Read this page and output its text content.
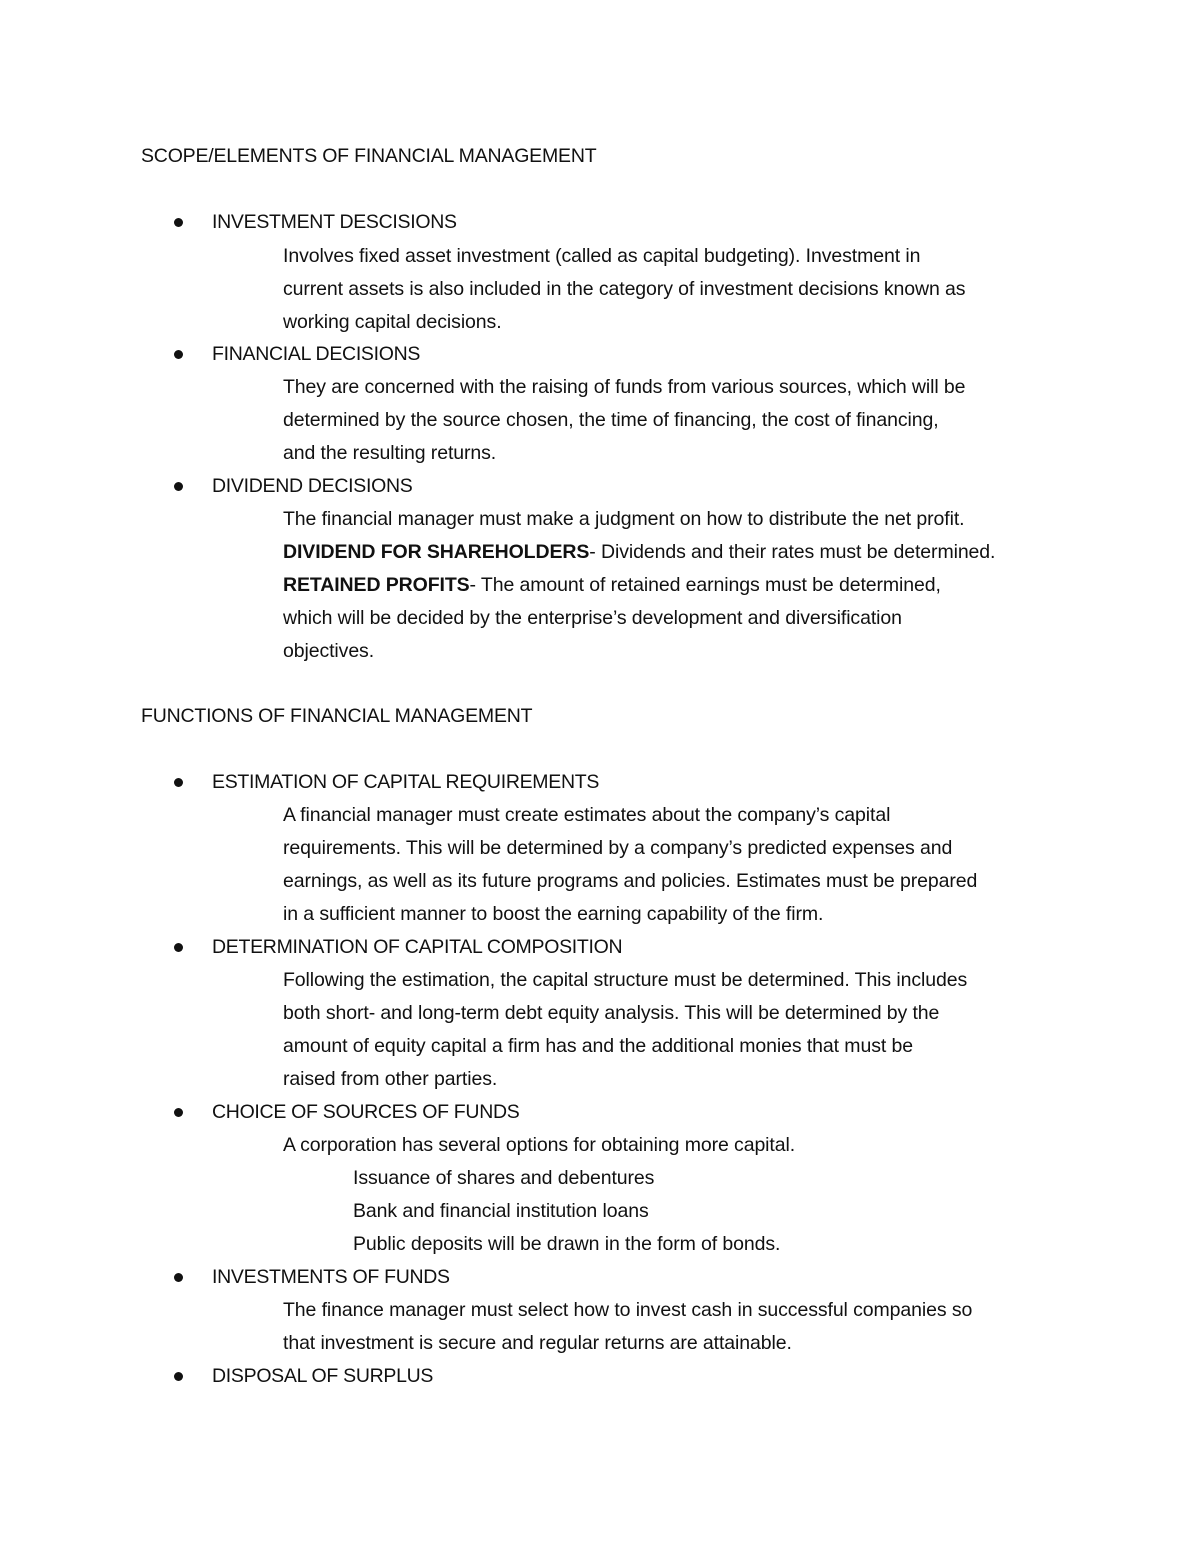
SCOPE/ELEMENTS OF FINANCIAL MANAGEMENT
INVESTMENT DESCISIONS
Involves fixed asset investment (called as capital budgeting). Investment in
current assets is also included in the category of investment decisions known as
working capital decisions.
FINANCIAL DECISIONS
They are concerned with the raising of funds from various sources, which will be
determined by the source chosen, the time of financing, the cost of financing,
and the resulting returns.
DIVIDEND DECISIONS
The financial manager must make a judgment on how to distribute the net profit.
DIVIDEND FOR SHAREHOLDERS- Dividends and their rates must be determined.
RETAINED PROFITS- The amount of retained earnings must be determined,
which will be decided by the enterprise’s development and diversification
objectives.
FUNCTIONS OF FINANCIAL MANAGEMENT
ESTIMATION OF CAPITAL REQUIREMENTS
A financial manager must create estimates about the company’s capital
requirements. This will be determined by a company’s predicted expenses and
earnings, as well as its future programs and policies. Estimates must be prepared
in a sufficient manner to boost the earning capability of the firm.
DETERMINATION OF CAPITAL COMPOSITION
Following the estimation, the capital structure must be determined. This includes
both short- and long-term debt equity analysis. This will be determined by the
amount of equity capital a firm has and the additional monies that must be
raised from other parties.
CHOICE OF SOURCES OF FUNDS
A corporation has several options for obtaining more capital.
Issuance of shares and debentures
Bank and financial institution loans
Public deposits will be drawn in the form of bonds.
INVESTMENTS OF FUNDS
The finance manager must select how to invest cash in successful companies so
that investment is secure and regular returns are attainable.
DISPOSAL OF SURPLUS
